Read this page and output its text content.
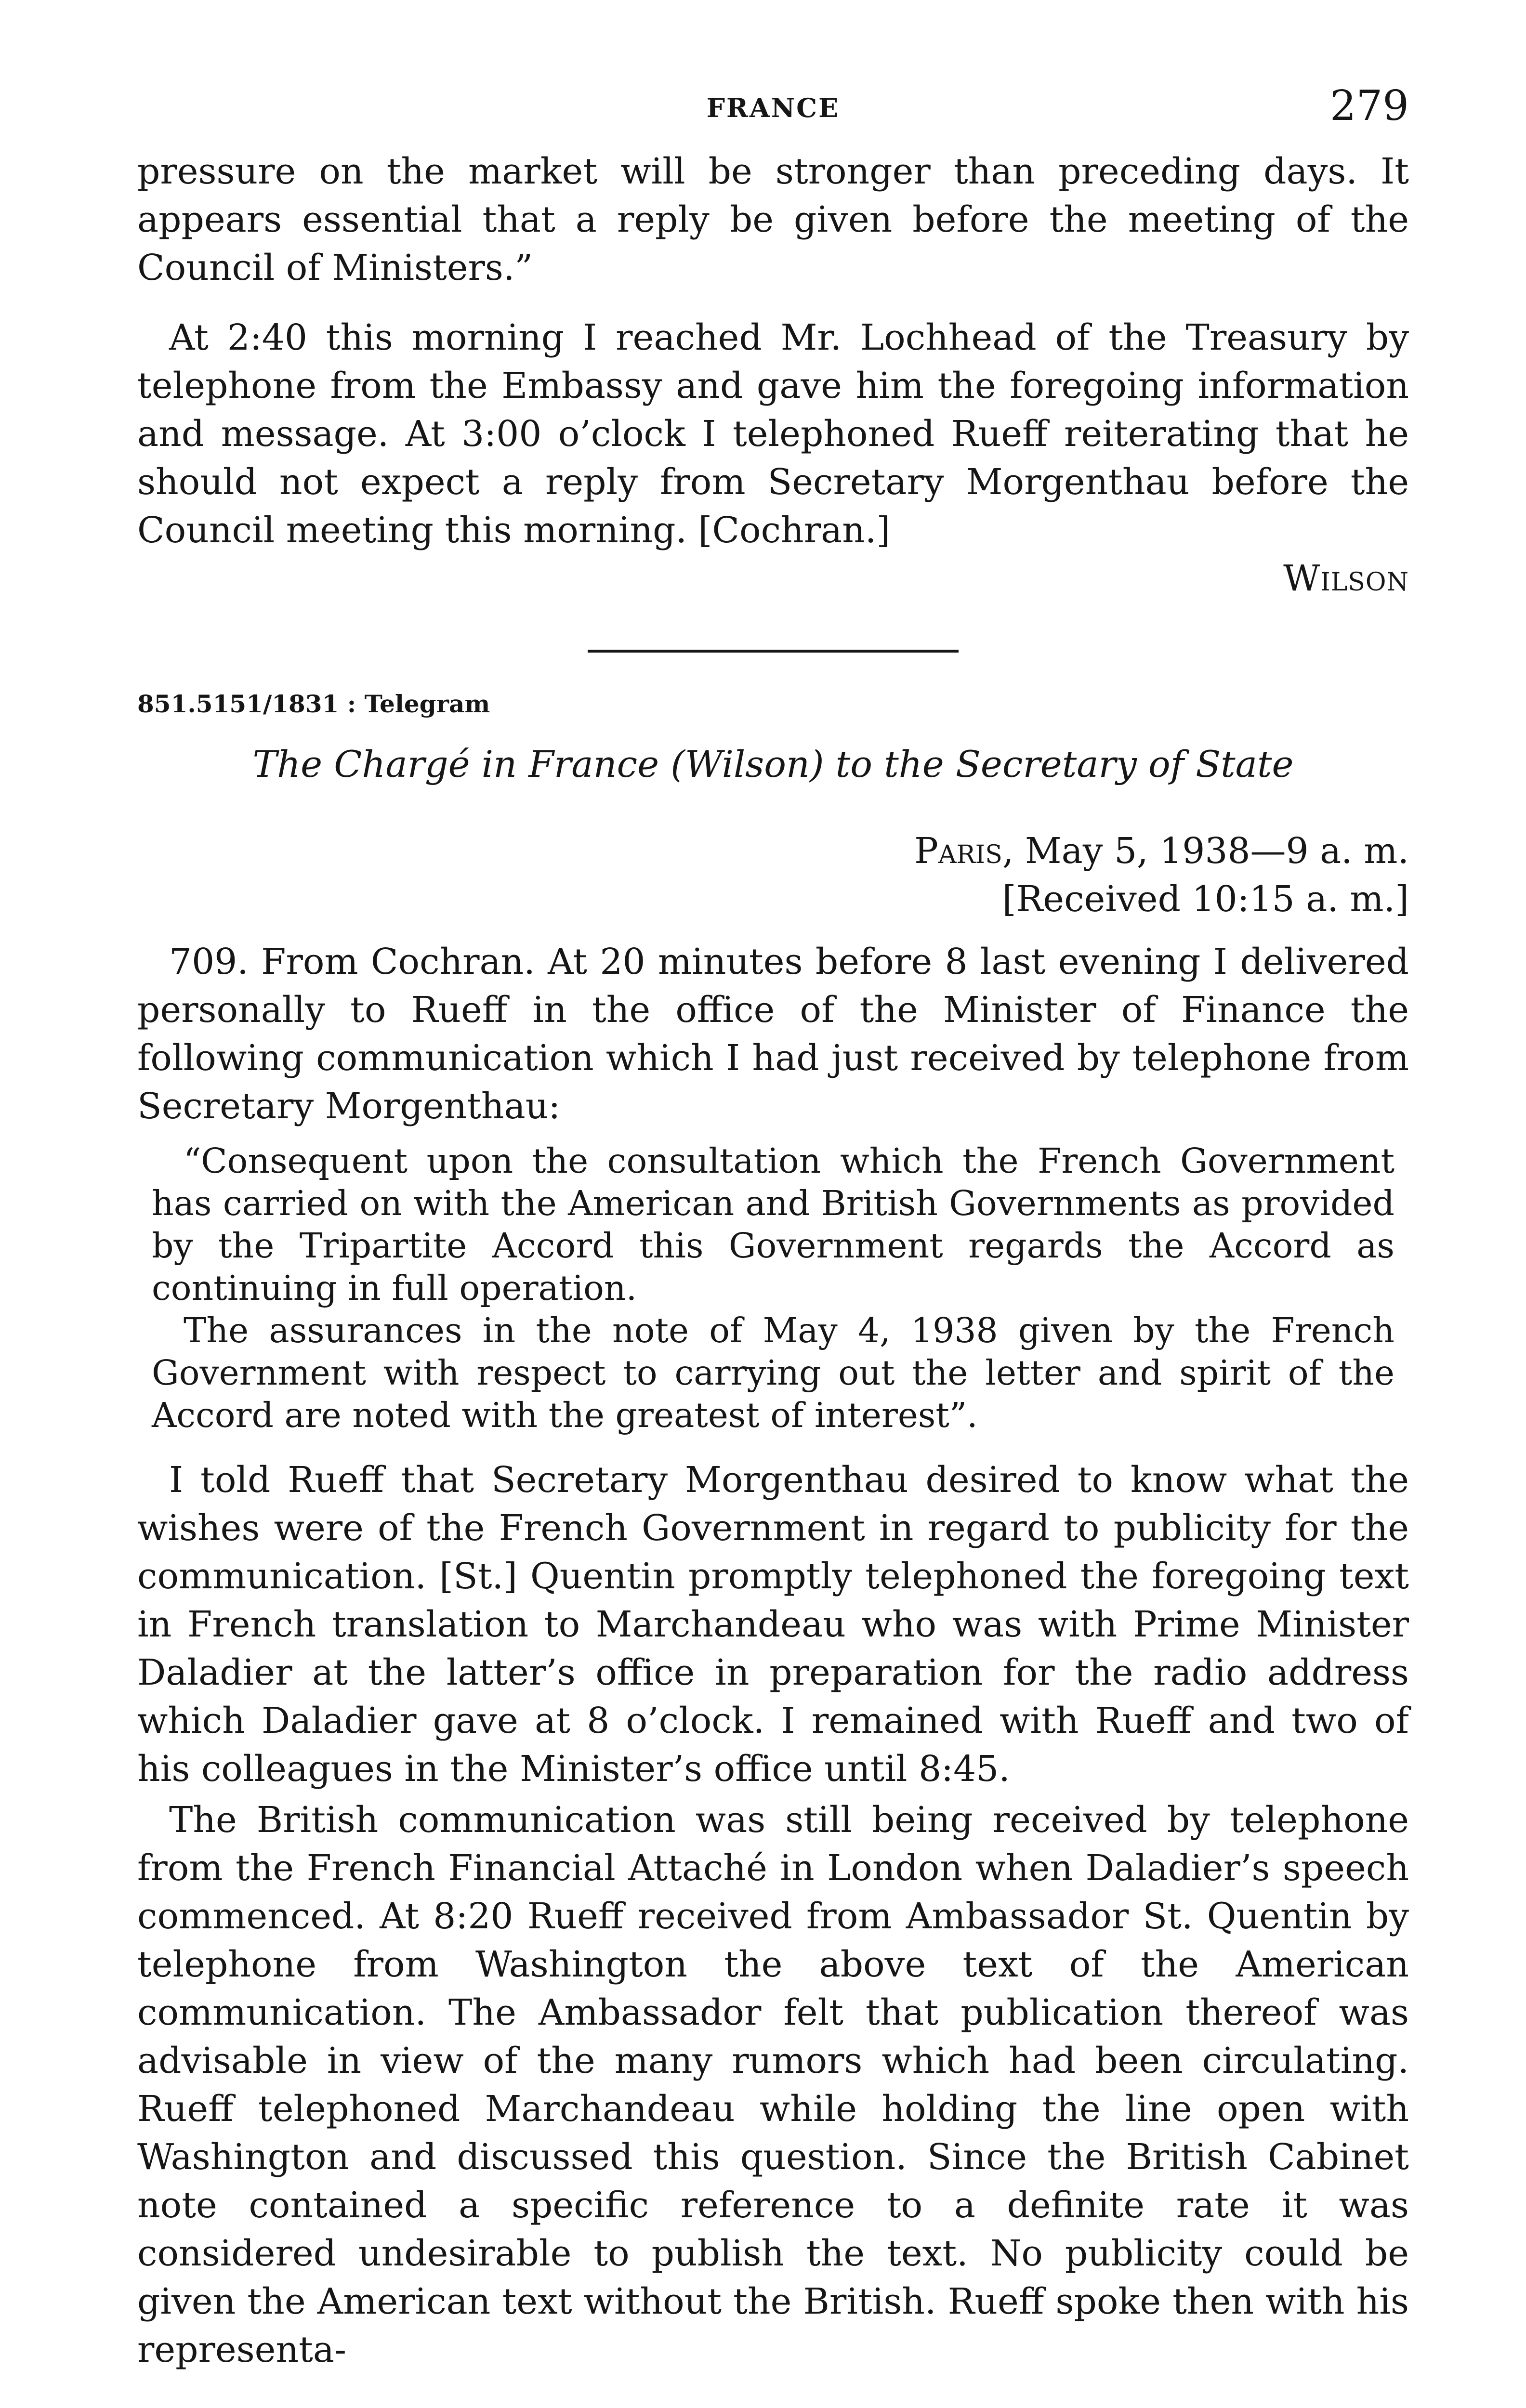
FRANCE	279

pressure on the market will be stronger than preceding days. It appears essential that a reply be given before the meeting of the Council of Ministers.”

At 2:40 this morning I reached Mr. Lochhead of the Treasury by telephone from the Embassy and gave him the foregoing information and message. At 3:00 o’clock I telephoned Rueff reiterating that he should not expect a reply from Secretary Morgenthau before the Council meeting this morning. [Cochran.]

Wilson
851.5151/1831 : Telegram
The Chargé in France (Wilson) to the Secretary of State
Paris, May 5, 1938—9 a. m.
[Received 10:15 a. m.]

709. From Cochran. At 20 minutes before 8 last evening I delivered personally to Rueff in the office of the Minister of Finance the following communication which I had just received by telephone from Secretary Morgenthau:

“Consequent upon the consultation which the French Government has carried on with the American and British Governments as provided by the Tripartite Accord this Government regards the Accord as continuing in full operation.

The assurances in the note of May 4, 1938 given by the French Government with respect to carrying out the letter and spirit of the Accord are noted with the greatest of interest”.

I told Rueff that Secretary Morgenthau desired to know what the wishes were of the French Government in regard to publicity for the communication. [St.] Quentin promptly telephoned the foregoing text in French translation to Marchandeau who was with Prime Minister Daladier at the latter’s office in preparation for the radio address which Daladier gave at 8 o’clock. I remained with Rueff and two of his colleagues in the Minister’s office until 8:45.

The British communication was still being received by telephone from the French Financial Attaché in London when Daladier’s speech commenced. At 8:20 Rueff received from Ambassador St. Quentin by telephone from Washington the above text of the American communication. The Ambassador felt that publication thereof was advisable in view of the many rumors which had been circulating. Rueff telephoned Marchandeau while holding the line open with Washington and discussed this question. Since the British Cabinet note contained a specific reference to a definite rate it was considered undesirable to publish the text. No publicity could be given the American text without the British. Rueff spoke then with his representa-
